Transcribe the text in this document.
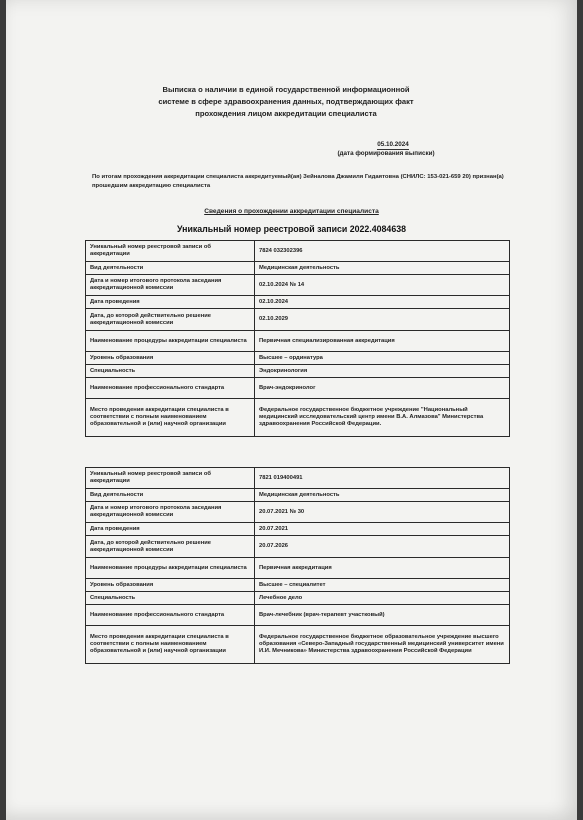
Выписка о наличии в единой государственной информационной
системе в сфере здравоохранения данных, подтверждающих факт
прохождения лицом аккредитации специалиста
05.10.2024
(дата формирования выписки)
По итогам прохождения аккредитации специалиста аккредитуемый(ая) Зейналова Джамиля Гидаятовна (СНИЛС: 153-021-659 20) признан(а) прошедшим аккредитацию специалиста
Сведения о прохождении аккредитации специалиста
Уникальный номер реестровой записи 2022.4084638
Уникальный номер реестровой записи об аккредитации	7824 032302396
Вид деятельности	Медицинская деятельность
Дата и номер итогового протокола заседания аккредитационной комиссии	02.10.2024 № 14
Дата проведения	02.10.2024
Дата, до которой действительно решение аккредитационной комиссии	02.10.2029
Наименование процедуры аккредитации специалиста	Первичная специализированная аккредитация
Уровень образования	Высшее – ординатура
Специальность	Эндокринология
Наименование профессионального стандарта	Врач-эндокринолог
Место проведения аккредитации специалиста в соответствии с полным наименованием образовательной и (или) научной организации	Федеральное государственное бюджетное учреждение "Национальный медицинский исследовательский центр имени В.А. Алмазова" Министерства здравоохранения Российской Федерации.
Уникальный номер реестровой записи об аккредитации	7821 019400491
Вид деятельности	Медицинская деятельность
Дата и номер итогового протокола заседания аккредитационной комиссии	20.07.2021 № 30
Дата проведения	20.07.2021
Дата, до которой действительно решение аккредитационной комиссии	20.07.2026
Наименование процедуры аккредитации специалиста	Первичная аккредитация
Уровень образования	Высшее – специалитет
Специальность	Лечебное дело
Наименование профессионального стандарта	Врач-лечебник (врач-терапевт участковый)
Место проведения аккредитации специалиста в соответствии с полным наименованием образовательной и (или) научной организации	Федеральное государственное бюджетное образовательное учреждение высшего образования «Северо-Западный государственный медицинский университет имени И.И. Мечникова» Министерства здравоохранения Российской Федерации
